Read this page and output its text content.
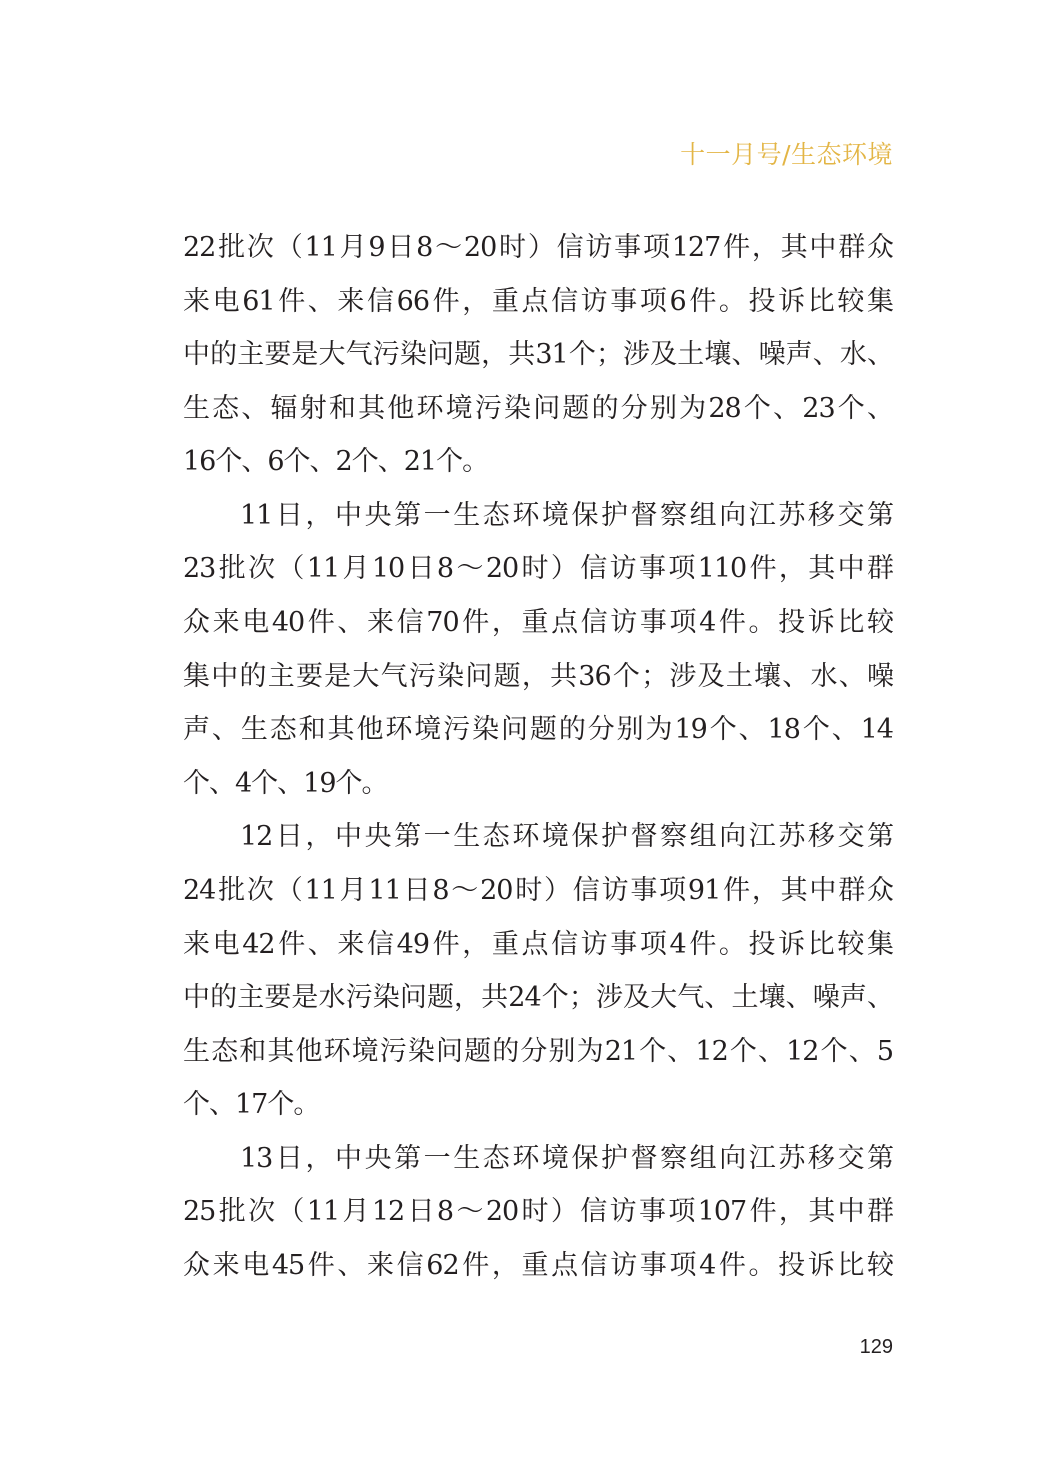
十一月号/生态环境
22批次（11月9日8～20时）信访事项127件，其中群众
来电61件、来信66件，重点信访事项6件。投诉比较集
中的主要是大气污染问题，共31个；涉及土壤、噪声、水、
生态、辐射和其他环境污染问题的分别为28个、23个、
16个、6个、2个、21个。
11日，中央第一生态环境保护督察组向江苏移交第
23批次（11月10日8～20时）信访事项110件，其中群
众来电40件、来信70件，重点信访事项4件。投诉比较
集中的主要是大气污染问题，共36个；涉及土壤、水、噪
声、生态和其他环境污染问题的分别为19个、18个、14
个、4个、19个。
12日，中央第一生态环境保护督察组向江苏移交第
24批次（11月11日8～20时）信访事项91件，其中群众
来电42件、来信49件，重点信访事项4件。投诉比较集
中的主要是水污染问题，共24个；涉及大气、土壤、噪声、
生态和其他环境污染问题的分别为21个、12个、12个、5
个、17个。
13日，中央第一生态环境保护督察组向江苏移交第
25批次（11月12日8～20时）信访事项107件，其中群
众来电45件、来信62件，重点信访事项4件。投诉比较
129
